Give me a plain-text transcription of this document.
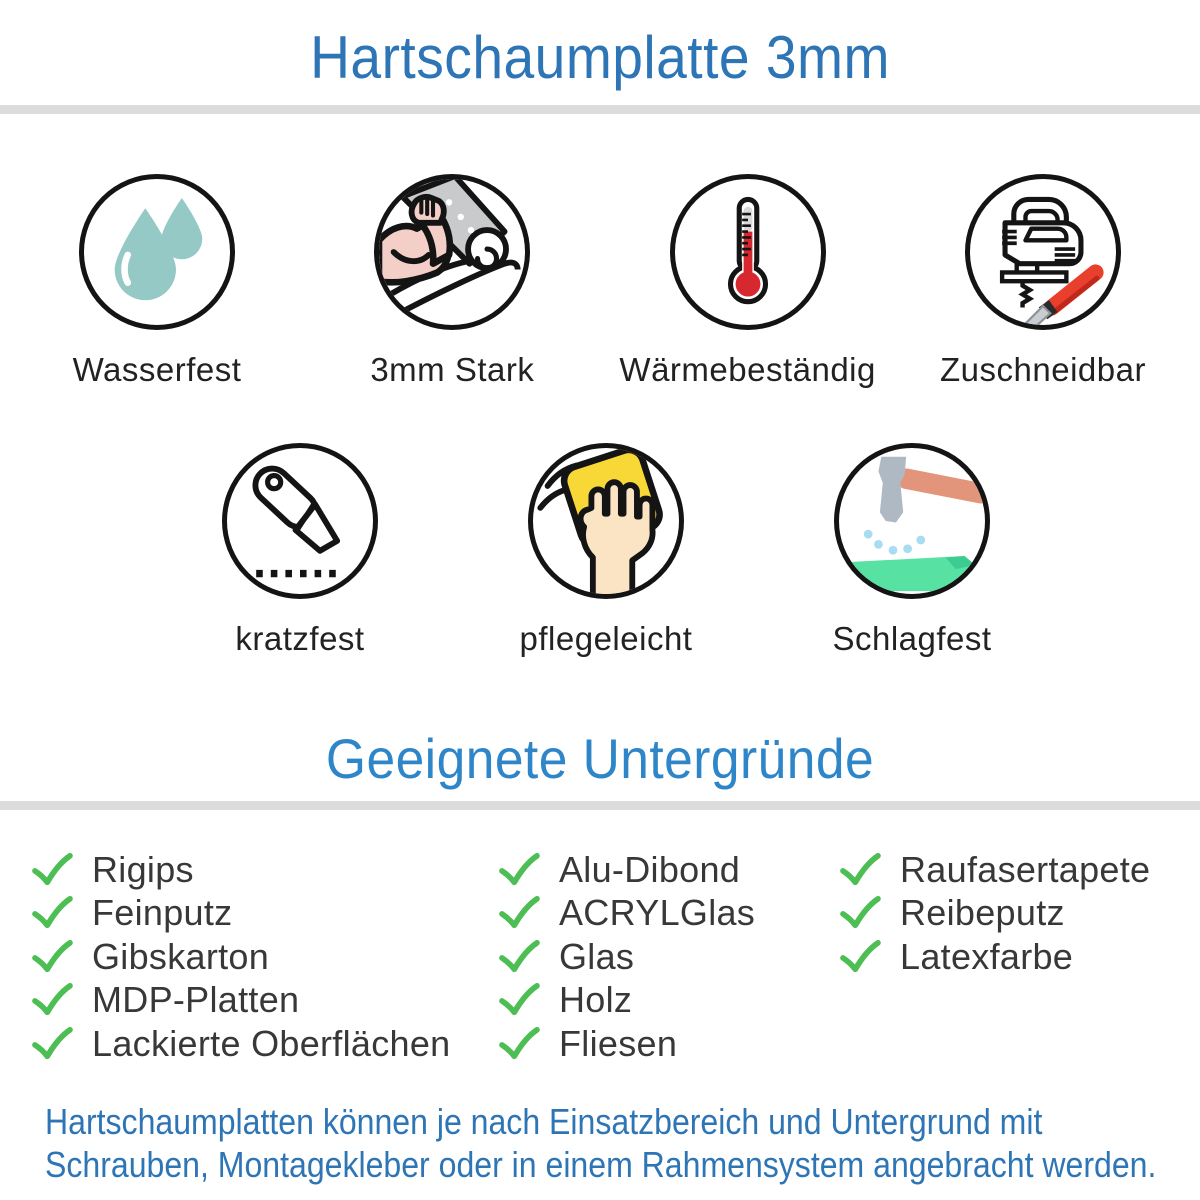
Hartschaumplatte 3mm
Wasserfest	3mm Stark	Wärmebeständig Zuschneidbar
kratzfest	pflegeleicht	Schlagfest
Geeignete Untergründe
Rigips
Feinputz
Gibskarton
MDP-Platten
Lackierte Oberflächen
Alu-Dibond
ACRYLGlas
Glas
Holz
Fliesen
Raufasertapete
Reibeputz
Latexfarbe

Hartschaumplatten können je nach Einsatzbereich und Untergrund mit
Schrauben, Montagekleber oder in einem Rahmensystem angebracht werden.
